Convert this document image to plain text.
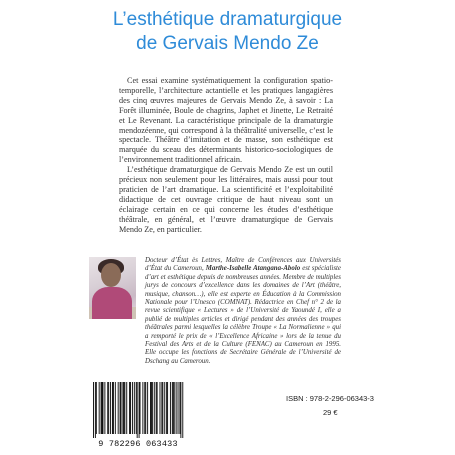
L’esthétique dramaturgique
de Gervais Mendo Ze

Cet essai examine systématiquement la configuration spatio-temporelle, l’architecture actantielle et les pratiques langagières des cinq œuvres majeures de Gervais Mendo Ze, à savoir : La Forêt illuminée, Boule de chagrins, Japhet et Jinette, Le Retraité et Le Revenant. La caractéristique principale de la dramaturgie mendozéenne, qui correspond à la théâtralité universelle, c’est le spectacle. Théâtre d’imitation et de masse, son esthétique est marquée du sceau des déterminants historico-sociologiques de l’environnement traditionnel africain.

L’esthétique dramaturgique de Gervais Mendo Ze est un outil précieux non seulement pour les littéraires, mais aussi pour tout praticien de l’art dramatique. La scientificité et l’exploitabilité didactique de cet ouvrage critique de haut niveau sont un éclairage certain en ce qui concerne les études d’esthétique théâtrale, en général, et l’œuvre dramaturgique de Gervais Mendo Ze, en particulier.

Docteur d’État ès Lettres, Maître de Conférences aux Universités d’État du Cameroun, Marthe-Isabelle Atangana-Abolo est spécialiste d’art et esthétique depuis de nombreuses années. Membre de multiples jurys de concours d’excellence dans les domaines de l’Art (théâtre, musique, chanson…), elle est experte en Éducation à la Commission Nationale pour l’Unesco (COMNAT). Rédactrice en Chef n° 2 de la revue scientifique « Lectures » de l’Université de Yaoundé I, elle a publié de multiples articles et dirigé pendant des années des troupes théâtrales parmi lesquelles la célèbre Troupe « La Normalienne » qui a remporté le prix de « l’Excellence Africaine » lors de la tenue du Festival des Arts et de la Culture (FENAC) au Cameroun en 1995. Elle occupe les fonctions de Secrétaire Générale de l’Université de Dschang au Cameroun.
9 782296 063433
ISBN : 978-2-296-06343-3
29 €
